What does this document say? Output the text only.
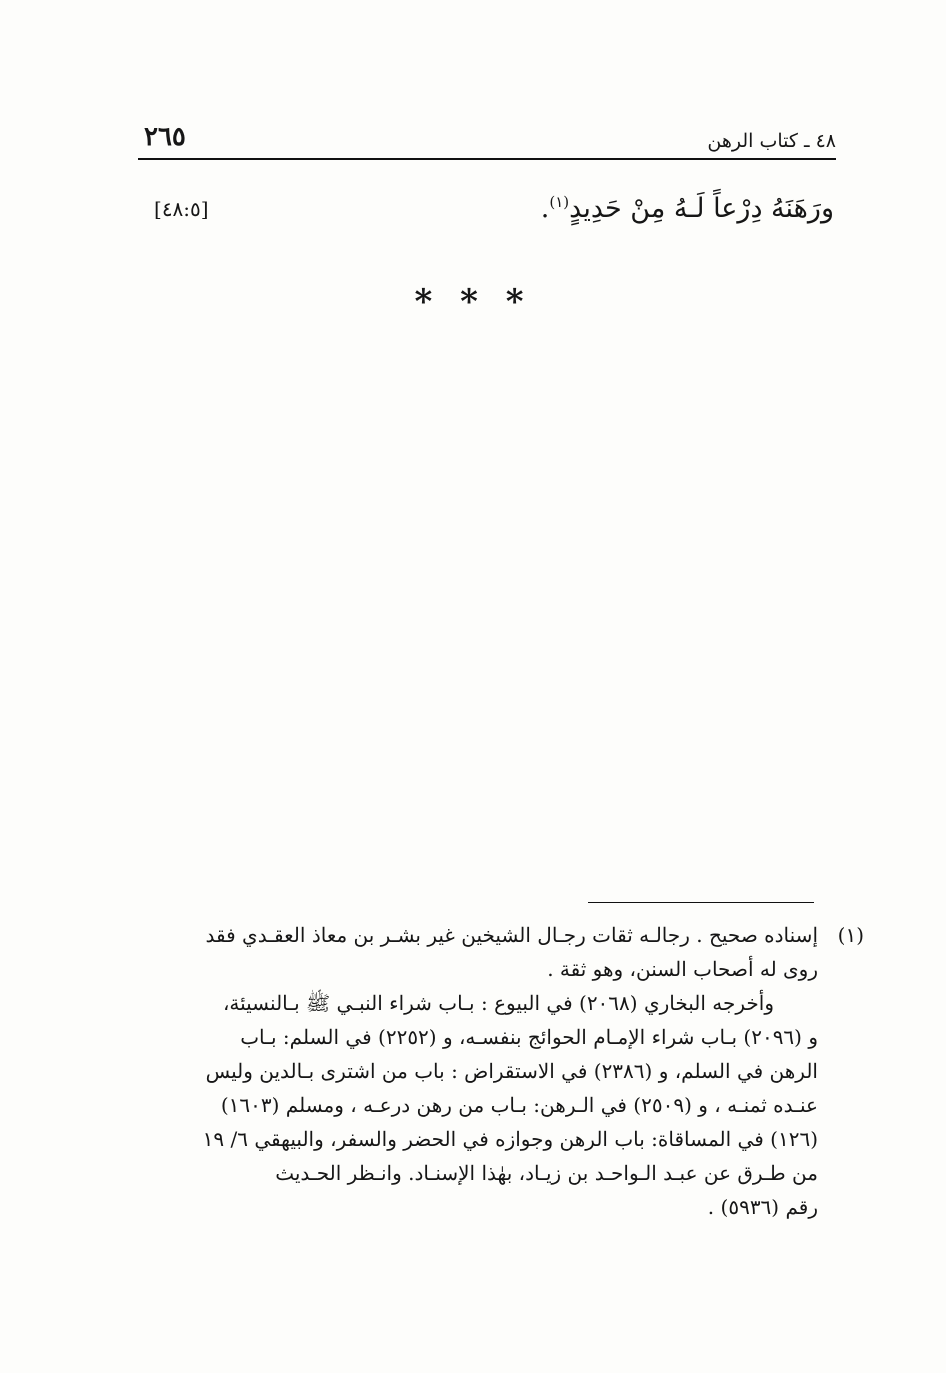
٢٦٥	٤٨ ـ كتاب الرهن
ورَهَنَهُ دِرْعاً لَـهُ مِنْ حَدِيدٍ$^{(١)}$.
[٤٨:٥]
* * *
(١)
إسناده صحيح . رجالـه ثقات رجـال الشيخين غير بشـر بن معاذ العقـدي فقد
روى له أصحاب السنن، وهو ثقة .
وأخرجه البخاري (٢٠٦٨) في البيوع : بـاب شراء النبـي ﷺ بـالنسيئة،
و (٢٠٩٦) بـاب شراء الإمـام الحوائج بنفسـه، و (٢٢٥٢) في السلم: بـاب
الرهن في السلم، و (٢٣٨٦) في الاستقراض : باب من اشترى بـالدين وليس
عنـده ثمنـه ، و (٢٥٠٩) في الـرهن: بـاب من رهن درعـه ، ومسلم (١٦٠٣)
(١٢٦) في المساقاة: باب الرهن وجوازه في الحضر والسفر، والبيهقي ٦/ ١٩
من طـرق عن عبـد الـواحـد بن زيـاد، بهٰذا الإسنـاد. وانـظر الحـديث
رقم (٥٩٣٦) .
